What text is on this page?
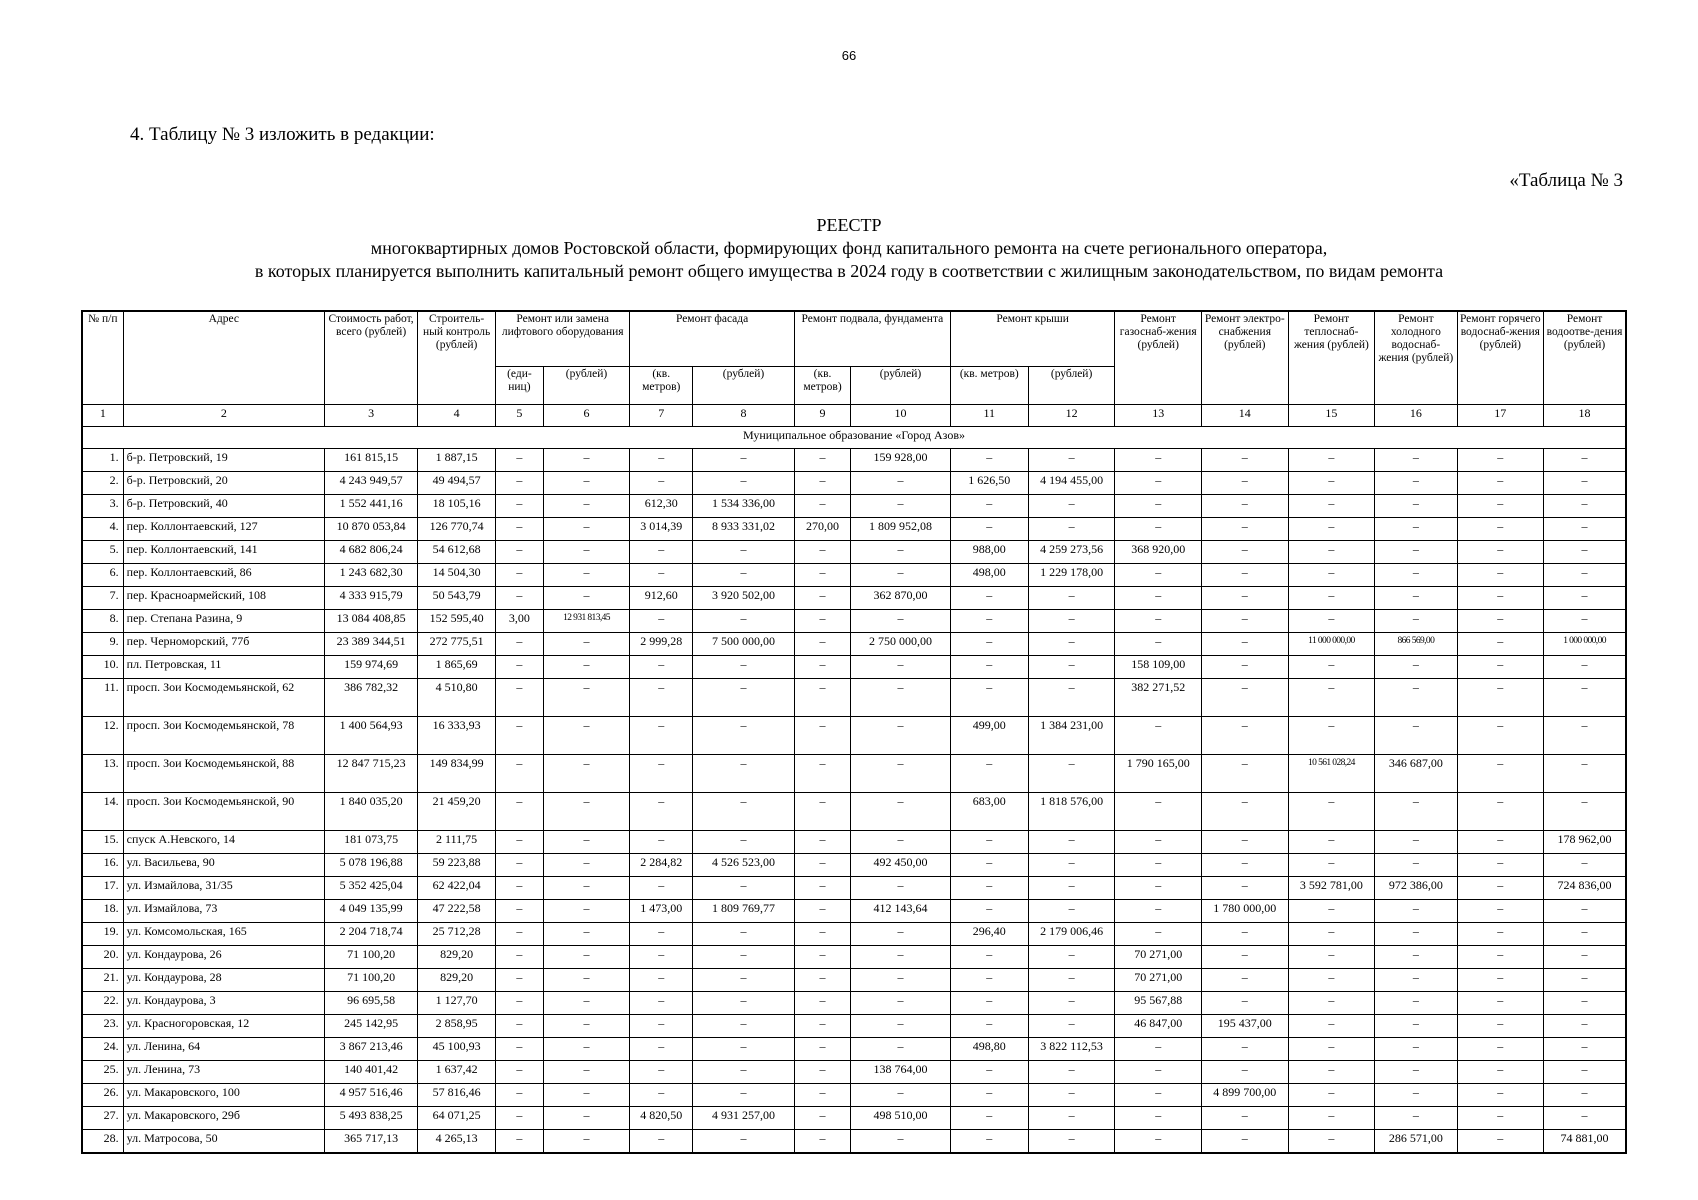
66
4. Таблицу № 3 изложить в редакции:
«Таблица № 3
РЕЕСТР
многоквартирных домов Ростовской области, формирующих фонд капитального ремонта на счете регионального оператора,
в которых планируется выполнить капитальный ремонт общего имущества в 2024 году в соответствии с жилищным законодательством, по видам ремонта
№ п/п	Адрес	Стоимость работ, всего (рублей)	Строитель-ный контроль (рублей)	Ремонт или замена лифтового оборудования		Ремонт фасада		Ремонт подвала, фундамента		Ремонт крыши		Ремонт газоснаб-жения (рублей)	Ремонт электро-снабжения (рублей)	Ремонт теплоснаб-жения (рублей)	Ремонт холодного водоснаб-жения (рублей)	Ремонт горячего водоснаб-жения (рублей)	Ремонт водоотве-дения (рублей)
				(еди-ниц)	(рублей)	(кв. метров)	(рублей)	(кв. метров)	(рублей)	(кв. метров)	(рублей)						
1	2	3	4	5	6	7	8	9	10	11	12	13	14	15	16	17	18
Муниципальное образование «Город Азов»																	
1.	б-р. Петровский, 19	161 815,15	1 887,15	–	–	–	–	–	159 928,00	–	–	–	–	–	–	–	–
2.	б-р. Петровский, 20	4 243 949,57	49 494,57	–	–	–	–	–	–	1 626,50	4 194 455,00	–	–	–	–	–	–
3.	б-р. Петровский, 40	1 552 441,16	18 105,16	–	–	612,30	1 534 336,00	–	–	–	–	–	–	–	–	–	–
4.	пер. Коллонтаевский, 127	10 870 053,84	126 770,74	–	–	3 014,39	8 933 331,02	270,00	1 809 952,08	–	–	–	–	–	–	–	–
5.	пер. Коллонтаевский, 141	4 682 806,24	54 612,68	–	–	–	–	–	–	988,00	4 259 273,56	368 920,00	–	–	–	–	–
6.	пер. Коллонтаевский, 86	1 243 682,30	14 504,30	–	–	–	–	–	–	498,00	1 229 178,00	–	–	–	–	–	–
7.	пер. Красноармейский, 108	4 333 915,79	50 543,79	–	–	912,60	3 920 502,00	–	362 870,00	–	–	–	–	–	–	–	–
8.	пер. Степана Разина, 9	13 084 408,85	152 595,40	3,00	12 931 813,45	–	–	–	–	–	–	–	–	–	–	–	–
9.	пер. Черноморский, 77б	23 389 344,51	272 775,51	–	–	2 999,28	7 500 000,00	–	2 750 000,00	–	–	–	–	11 000 000,00	866 569,00	–	1 000 000,00
10.	пл. Петровская, 11	159 974,69	1 865,69	–	–	–	–	–	–	–	–	158 109,00	–	–	–	–	–
11.	просп. Зои Космодемьянской, 62	386 782,32	4 510,80	–	–	–	–	–	–	–	–	382 271,52	–	–	–	–	–
12.	просп. Зои Космодемьянской, 78	1 400 564,93	16 333,93	–	–	–	–	–	–	499,00	1 384 231,00	–	–	–	–	–	–
13.	просп. Зои Космодемьянской, 88	12 847 715,23	149 834,99	–	–	–	–	–	–	–	–	1 790 165,00	–	10 561 028,24	346 687,00	–	–
14.	просп. Зои Космодемьянской, 90	1 840 035,20	21 459,20	–	–	–	–	–	–	683,00	1 818 576,00	–	–	–	–	–	–
15.	спуск А.Невского, 14	181 073,75	2 111,75	–	–	–	–	–	–	–	–	–	–	–	–	–	178 962,00
16.	ул. Васильева, 90	5 078 196,88	59 223,88	–	–	2 284,82	4 526 523,00	–	492 450,00	–	–	–	–	–	–	–	–
17.	ул. Измайлова, 31/35	5 352 425,04	62 422,04	–	–	–	–	–	–	–	–	–	–	3 592 781,00	972 386,00	–	724 836,00
18.	ул. Измайлова, 73	4 049 135,99	47 222,58	–	–	1 473,00	1 809 769,77	–	412 143,64	–	–	–	1 780 000,00	–	–	–	–
19.	ул. Комсомольская, 165	2 204 718,74	25 712,28	–	–	–	–	–	–	296,40	2 179 006,46	–	–	–	–	–	–
20.	ул. Кондаурова, 26	71 100,20	829,20	–	–	–	–	–	–	–	–	70 271,00	–	–	–	–	–
21.	ул. Кондаурова, 28	71 100,20	829,20	–	–	–	–	–	–	–	–	70 271,00	–	–	–	–	–
22.	ул. Кондаурова, 3	96 695,58	1 127,70	–	–	–	–	–	–	–	–	95 567,88	–	–	–	–	–
23.	ул. Красногоровская, 12	245 142,95	2 858,95	–	–	–	–	–	–	–	–	46 847,00	195 437,00	–	–	–	–
24.	ул. Ленина, 64	3 867 213,46	45 100,93	–	–	–	–	–	–	498,80	3 822 112,53	–	–	–	–	–	–
25.	ул. Ленина, 73	140 401,42	1 637,42	–	–	–	–	–	138 764,00	–	–	–	–	–	–	–	–
26.	ул. Макаровского, 100	4 957 516,46	57 816,46	–	–	–	–	–	–	–	–	–	4 899 700,00	–	–	–	–
27.	ул. Макаровского, 29б	5 493 838,25	64 071,25	–	–	4 820,50	4 931 257,00	–	498 510,00	–	–	–	–	–	–	–	–
28.	ул. Матросова, 50	365 717,13	4 265,13	–	–	–	–	–	–	–	–	–	–	–	286 571,00	–	74 881,00
